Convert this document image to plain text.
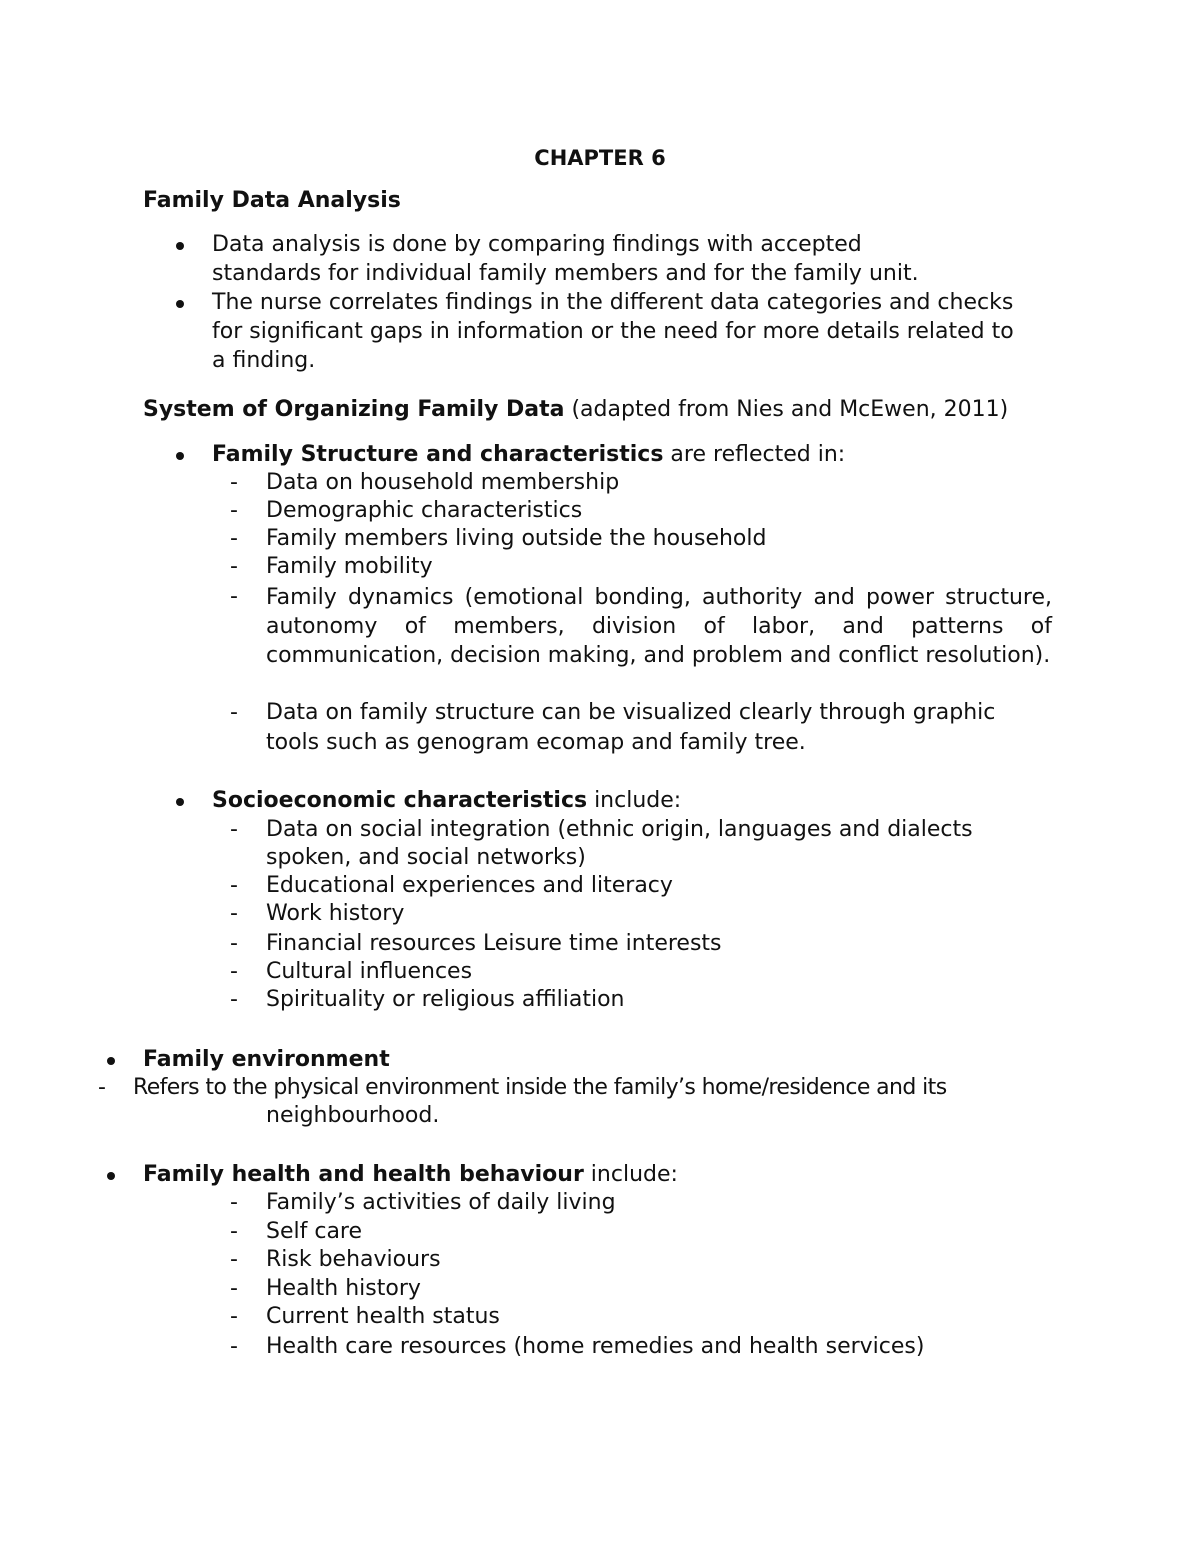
CHAPTER 6
Family Data Analysis
Data analysis is done by comparing findings with accepted
standards for individual family members and for the family unit.
The nurse correlates findings in the different data categories and checks
for significant gaps in information or the need for more details related to
a finding.
System of Organizing Family Data (adapted from Nies and McEwen, 2011)
Family Structure and characteristics are reflected in:
- Data on household membership
- Demographic characteristics
- Family members living outside the household
- Family mobility
- Family dynamics (emotional bonding, authority and power structure, autonomy of members, division of labor, and patterns of communication, decision making, and problem and conflict resolution).
- Data on family structure can be visualized clearly through graphic
tools such as genogram ecomap and family tree.
Socioeconomic characteristics include:
- Data on social integration (ethnic origin, languages and dialects
spoken, and social networks)
- Educational experiences and literacy
- Work history
- Financial resources Leisure time interests
- Cultural influences
- Spirituality or religious affiliation
Family environment
- Refers to the physical environment inside the family’s home/residence and its
neighbourhood.
Family health and health behaviour include:
- Family’s activities of daily living
- Self care
- Risk behaviours
- Health history
- Current health status
- Health care resources (home remedies and health services)
